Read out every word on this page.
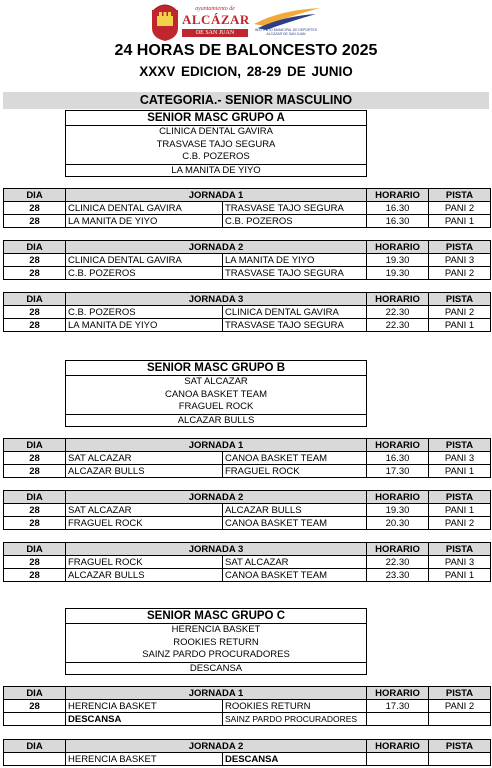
ayuntamiento de
ALCÁZAR
DE SAN JUAN	INSTITUTO MUNICIPAL DE DEPORTES ALCÁZAR DE SAN JUAN
24 HORAS DE BALONCESTO 2025
XXXV EDICION, 28-29 DE JUNIO
CATEGORIA.- SENIOR MASCULINO
SENIOR MASC GRUPO A
CLINICA DENTAL GAVIRA
TRASVASE TAJO SEGURA
C.B. POZEROS
LA MANITA DE YIYO
DIA	JORNADA 1		HORARIO	PISTA
28	CLINICA DENTAL GAVIRA	TRASVASE TAJO SEGURA	16.30	PANI 2
28	LA MANITA DE YIYO	C.B. POZEROS	16.30	PANI 1
DIA	JORNADA 2		HORARIO	PISTA
28	CLINICA DENTAL GAVIRA	LA MANITA DE YIYO	19.30	PANI 3
28	C.B. POZEROS	TRASVASE TAJO SEGURA	19.30	PANI 2
DIA	JORNADA 3		HORARIO	PISTA
28	C.B. POZEROS	CLINICA DENTAL GAVIRA	22.30	PANI 2
28	LA MANITA DE YIYO	TRASVASE TAJO SEGURA	22.30	PANI 1
SENIOR MASC GRUPO B
SAT ALCAZAR
CANOA BASKET TEAM
FRAGUEL ROCK
ALCAZAR BULLS
DIA	JORNADA 1		HORARIO	PISTA
28	SAT ALCAZAR	CANOA BASKET TEAM	16.30	PANI 3
28	ALCAZAR BULLS	FRAGUEL ROCK	17.30	PANI 1
DIA	JORNADA 2		HORARIO	PISTA
28	SAT ALCAZAR	ALCAZAR BULLS	19.30	PANI 1
28	FRAGUEL ROCK	CANOA BASKET TEAM	20.30	PANI 2
DIA	JORNADA 3		HORARIO	PISTA
28	FRAGUEL ROCK	SAT ALCAZAR	22.30	PANI 3
28	ALCAZAR BULLS	CANOA BASKET TEAM	23.30	PANI 1
SENIOR MASC GRUPO C
HERENCIA BASKET
ROOKIES RETURN
SAINZ PARDO PROCURADORES
DESCANSA
DIA	JORNADA 1		HORARIO	PISTA
28	HERENCIA BASKET	ROOKIES RETURN	17.30	PANI 2
	DESCANSA	SAINZ PARDO PROCURADORES		
DIA	JORNADA 2		HORARIO	PISTA
	HERENCIA BASKET	DESCANSA		
